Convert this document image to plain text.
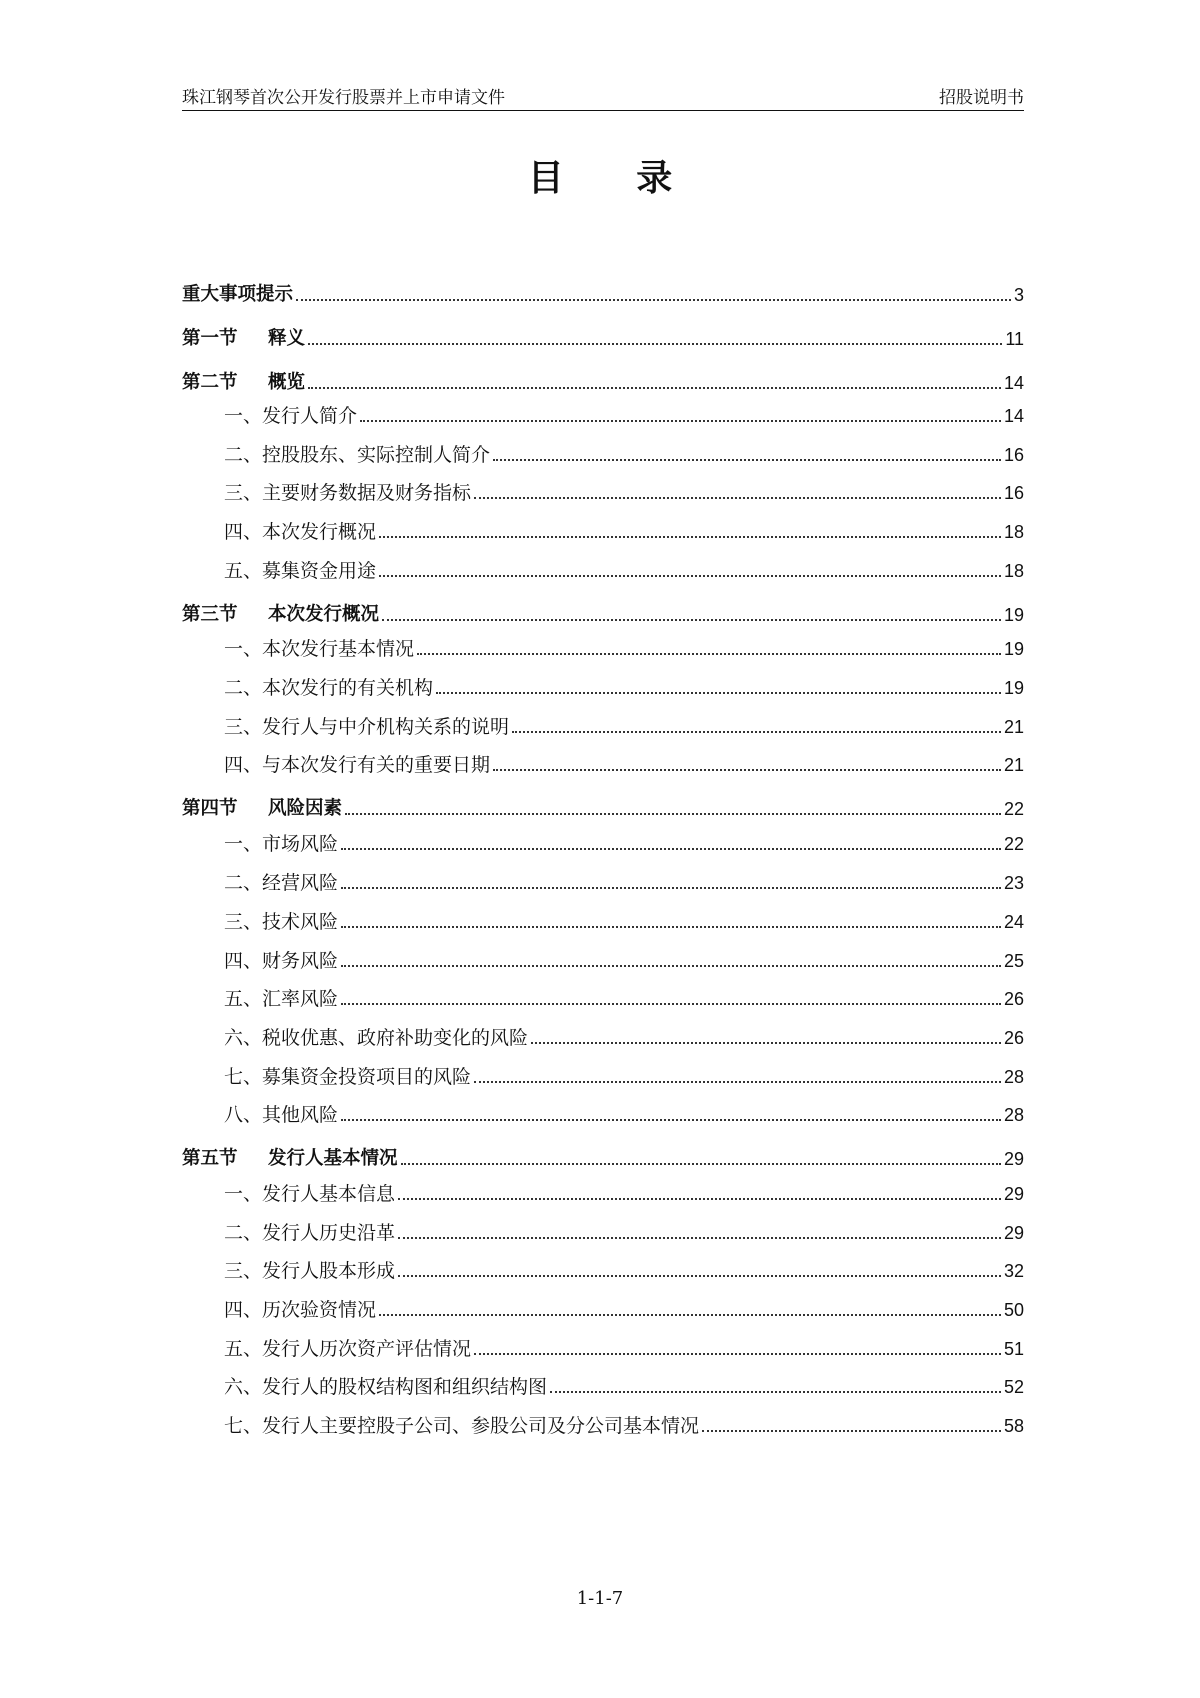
珠江钢琴首次公开发行股票并上市申请文件	招股说明书
目 录
重大事项提示	3
第一节 释义	11
第二节 概览	14
一、发行人简介	14
二、控股股东、实际控制人简介	16
三、主要财务数据及财务指标	16
四、本次发行概况	18
五、募集资金用途	18
第三节 本次发行概况	19
一、本次发行基本情况	19
二、本次发行的有关机构	19
三、发行人与中介机构关系的说明	21
四、与本次发行有关的重要日期	21
第四节 风险因素	22
一、市场风险	22
二、经营风险	23
三、技术风险	24
四、财务风险	25
五、汇率风险	26
六、税收优惠、政府补助变化的风险	26
七、募集资金投资项目的风险	28
八、其他风险	28
第五节 发行人基本情况	29
一、发行人基本信息	29
二、发行人历史沿革	29
三、发行人股本形成	32
四、历次验资情况	50
五、发行人历次资产评估情况	51
六、发行人的股权结构图和组织结构图	52
七、发行人主要控股子公司、参股公司及分公司基本情况	58
1-1-7
